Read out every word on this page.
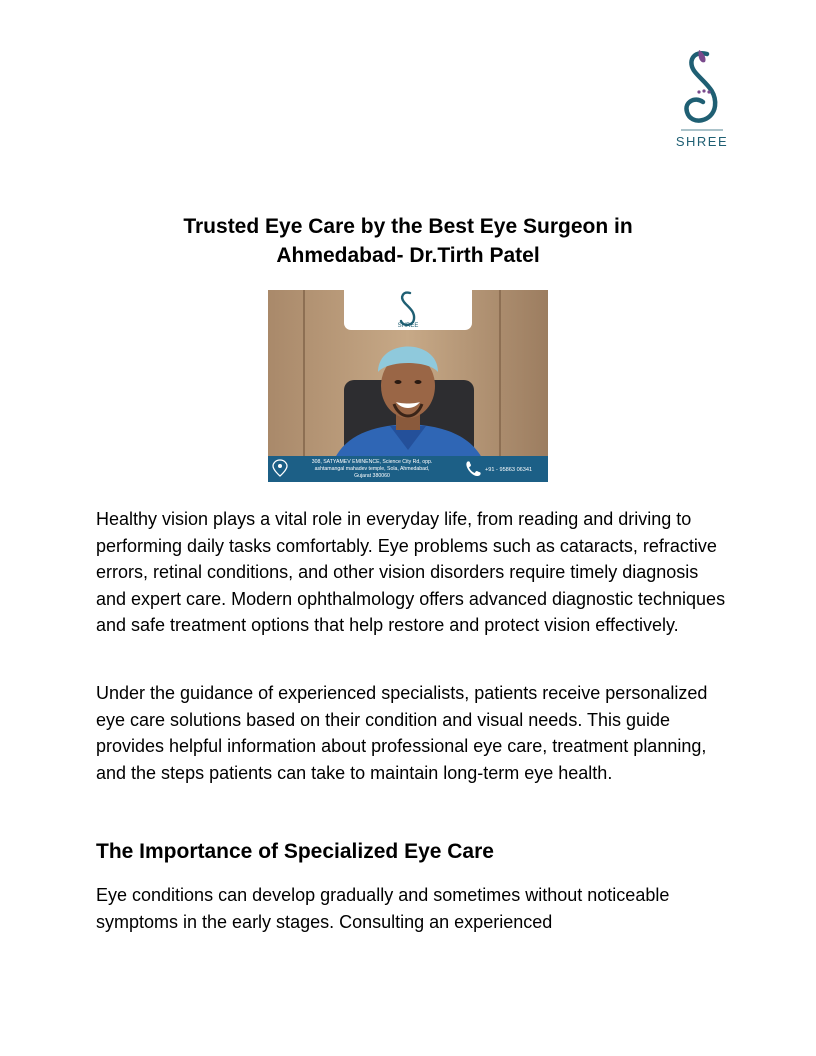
SHREE
Trusted Eye Care by the Best Eye Surgeon in
Ahmedabad- Dr.Tirth Patel
SHREE
308, SATYAMEV EMINENCE, Science City Rd, opp.
ashtamangal mahadev temple, Sola, Ahmedabad,
Gujarat 380060
+91 - 95863 06341

Healthy vision plays a vital role in everyday life, from reading and driving to performing daily tasks comfortably. Eye problems such as cataracts, refractive errors, retinal conditions, and other vision disorders require timely diagnosis and expert care. Modern ophthalmology offers advanced diagnostic techniques and safe treatment options that help restore and protect vision effectively.

Under the guidance of experienced specialists, patients receive personalized eye care solutions based on their condition and visual needs. This guide provides helpful information about professional eye care, treatment planning, and the steps patients can take to maintain long-term eye health.

The Importance of Specialized Eye Care

Eye conditions can develop gradually and sometimes without noticeable symptoms in the early stages. Consulting an experienced
